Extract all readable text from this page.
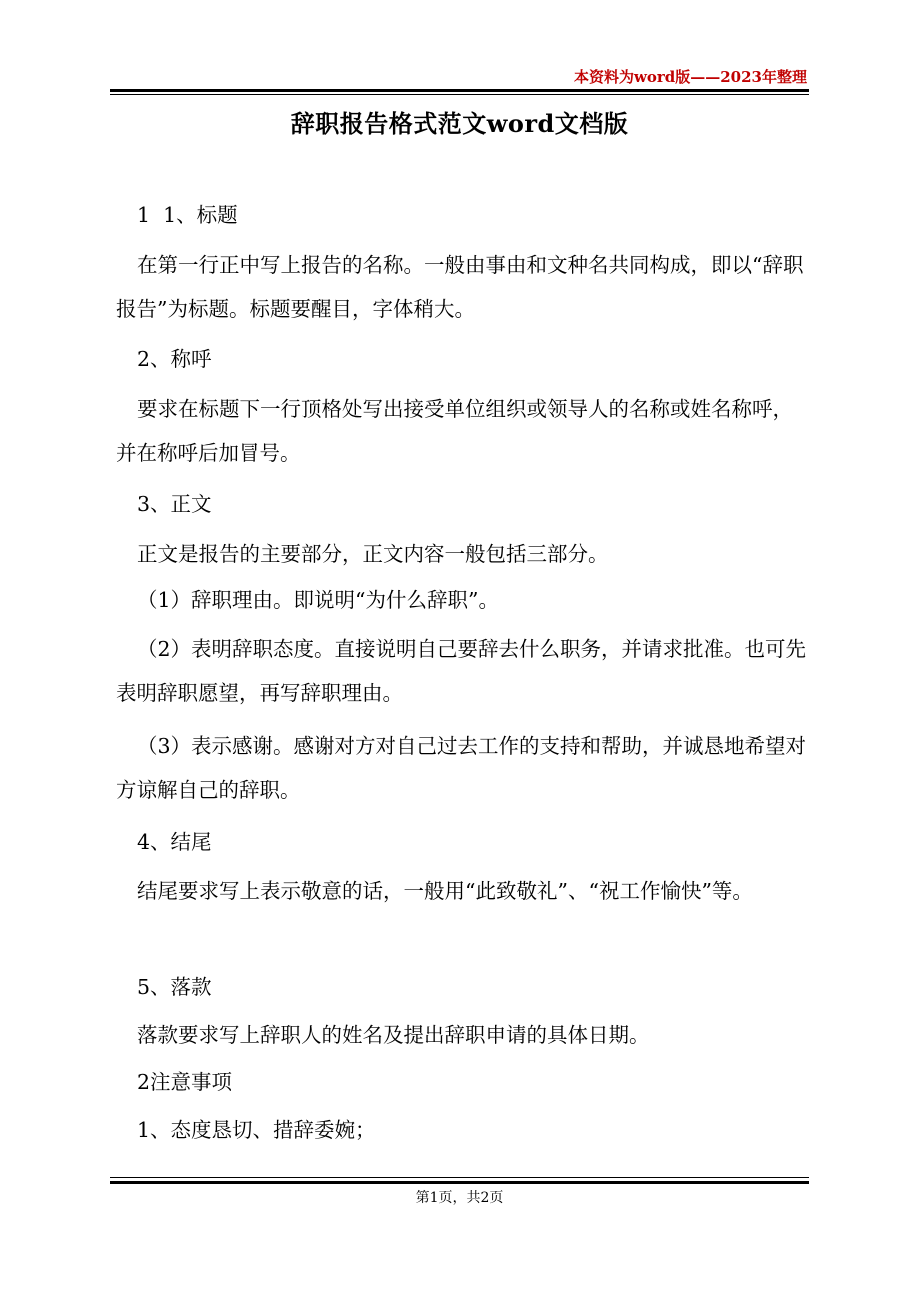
本资料为word版——2023年整理
辞职报告格式范文word文档版
1  1、标题
在第一行正中写上报告的名称。一般由事由和文种名共同构成，即以“辞职报告”为标题。标题要醒目，字体稍大。
2、称呼
要求在标题下一行顶格处写出接受单位组织或领导人的名称或姓名称呼，并在称呼后加冒号。
3、正文
正文是报告的主要部分，正文内容一般包括三部分。
（1）辞职理由。即说明“为什么辞职”。
（2）表明辞职态度。直接说明自己要辞去什么职务，并请求批准。也可先表明辞职愿望，再写辞职理由。
（3）表示感谢。感谢对方对自己过去工作的支持和帮助，并诚恳地希望对方谅解自己的辞职。
4、结尾
结尾要求写上表示敬意的话，一般用“此致敬礼”、“祝工作愉快”等。
5、落款
落款要求写上辞职人的姓名及提出辞职申请的具体日期。
2注意事项
1、态度恳切、措辞委婉；
第1页，共2页
